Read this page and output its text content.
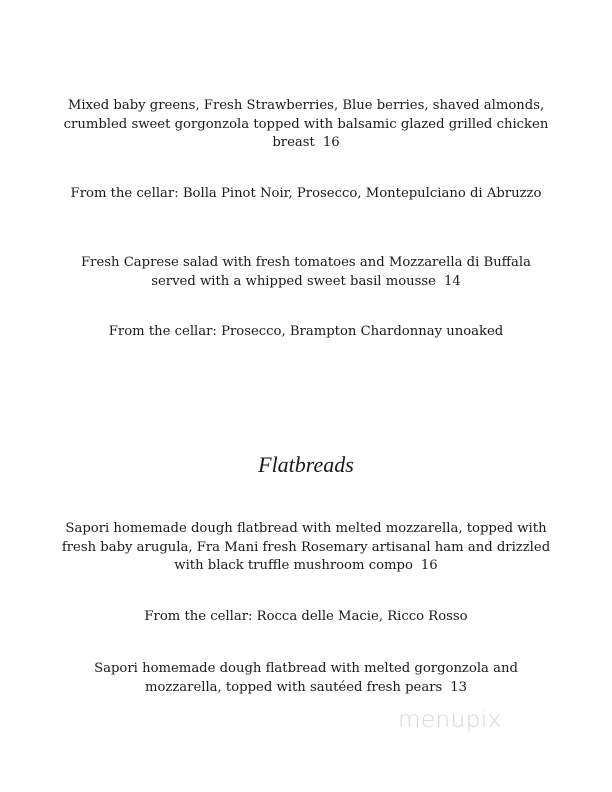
Mixed baby greens, Fresh Strawberries, Blue berries, shaved almonds, crumbled sweet gorgonzola topped with balsamic glazed grilled chicken breast 16

From the cellar: Bolla Pinot Noir, Prosecco, Montepulciano di Abruzzo

Fresh Caprese salad with fresh tomatoes and Mozzarella di Buffala served with a whipped sweet basil mousse 14

From the cellar: Prosecco, Brampton Chardonnay unoaked

Flatbreads

Sapori homemade dough flatbread with melted mozzarella, topped with fresh baby arugula, Fra Mani fresh Rosemary artisanal ham and drizzled with black truffle mushroom compo 16

From the cellar: Rocca delle Macie, Ricco Rosso

Sapori homemade dough flatbread with melted gorgonzola and mozzarella, topped with sautéed fresh pears 13

menupix
